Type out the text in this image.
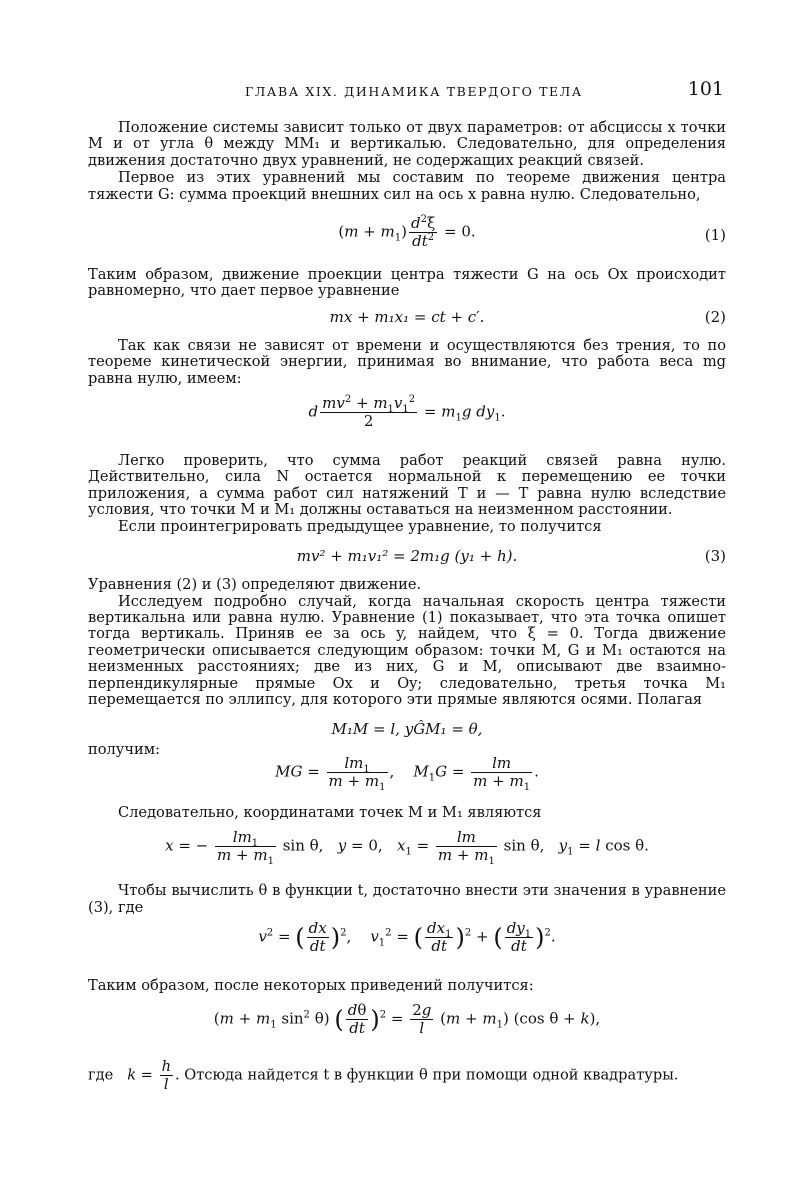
ГЛАВА XIX. ДИНАМИКА ТВЕРДОГО ТЕЛА	101

Положение системы зависит только от двух параметров: от абсциссы x точки M и от угла θ между MM₁ и вертикалью. Следовательно, для определения движения достаточно двух уравнений, не содержащих реакций связей.

Первое из этих уравнений мы составим по теореме движения центра тяжести G: сумма проекций внешних сил на ось x равна нулю. Следовательно,

$(m + m_1) \frac{d^2\xi}{dt^2} = 0$.	(1)

Таким образом, движение проекции центра тяжести G на ось Ox происходит равномерно, что дает первое уравнение

mx + m₁x₁ = ct + c′.	(2)

Так как связи не зависят от времени и осуществляются без трения, то по теореме кинетической энергии, принимая во внимание, что работа веса mg равна нулю, имеем:

d $\frac{mv^2 + m_1v_1^2}{2} = m_1g$ $dy_1$.

Легко проверить, что сумма работ реакций связей равна нулю. Действительно, сила N остается нормальной к перемещению ее точки приложения, а сумма работ сил натяжений T и — T равна нулю вследствие условия, что точки M и M₁ должны оставаться на неизменном расстоянии.

Если проинтегрировать предыдущее уравнение, то получится

mv² + m₁v₁² = 2m₁g (y₁ + h).	(3)

Уравнения (2) и (3) определяют движение.

Исследуем подробно случай, когда начальная скорость центра тяжести вертикальна или равна нулю. Уравнение (1) показывает, что эта точка опишет тогда вертикаль. Приняв ее за ось y, найдем, что ξ = 0. Тогда движение геометрически описывается следующим образом: точки M, G и M₁ остаются на неизменных расстояниях; две из них, G и M, описывают две взаимно-перпендикулярные прямые Ox и Oy; следовательно, третья точка M₁ перемещается по эллипсу, для которого эти прямые являются осями. Полагая

M₁M = l, yĜM₁ = θ,

получим:

MG = $\frac{lm_1}{m + m_1}$ ,    $M_1G = \frac{lm}{m + m_1}$ .

Следовательно, координатами точек M и M₁ являются

x = − $\frac{lm_1}{m + m_1}$ sin θ,   y = 0,   $x_1 = \frac{lm}{m + m_1}$ sin θ,   $y_1 = l$ cos θ.

Чтобы вычислить θ в функции t, достаточно внести эти значения в уравнение (3), где

$v^2$ = ( $\frac{dx}{dt} )^2$,    $v_1^2$ = ( $\frac{dx_1}{dt} )^2$ + ( $\frac{dy_1}{dt} )^2$.

Таким образом, после некоторых приведений получится:

($m + m_1$ $\sin^2 \theta$) ( $\frac{d\theta}{dt} )^2 = \frac{2g}{l} (m + m_1)$ (cos θ + k),
где $k = \frac{h}{l}$ . Отсюда найдется t в функции θ при помощи одной квадратуры.
